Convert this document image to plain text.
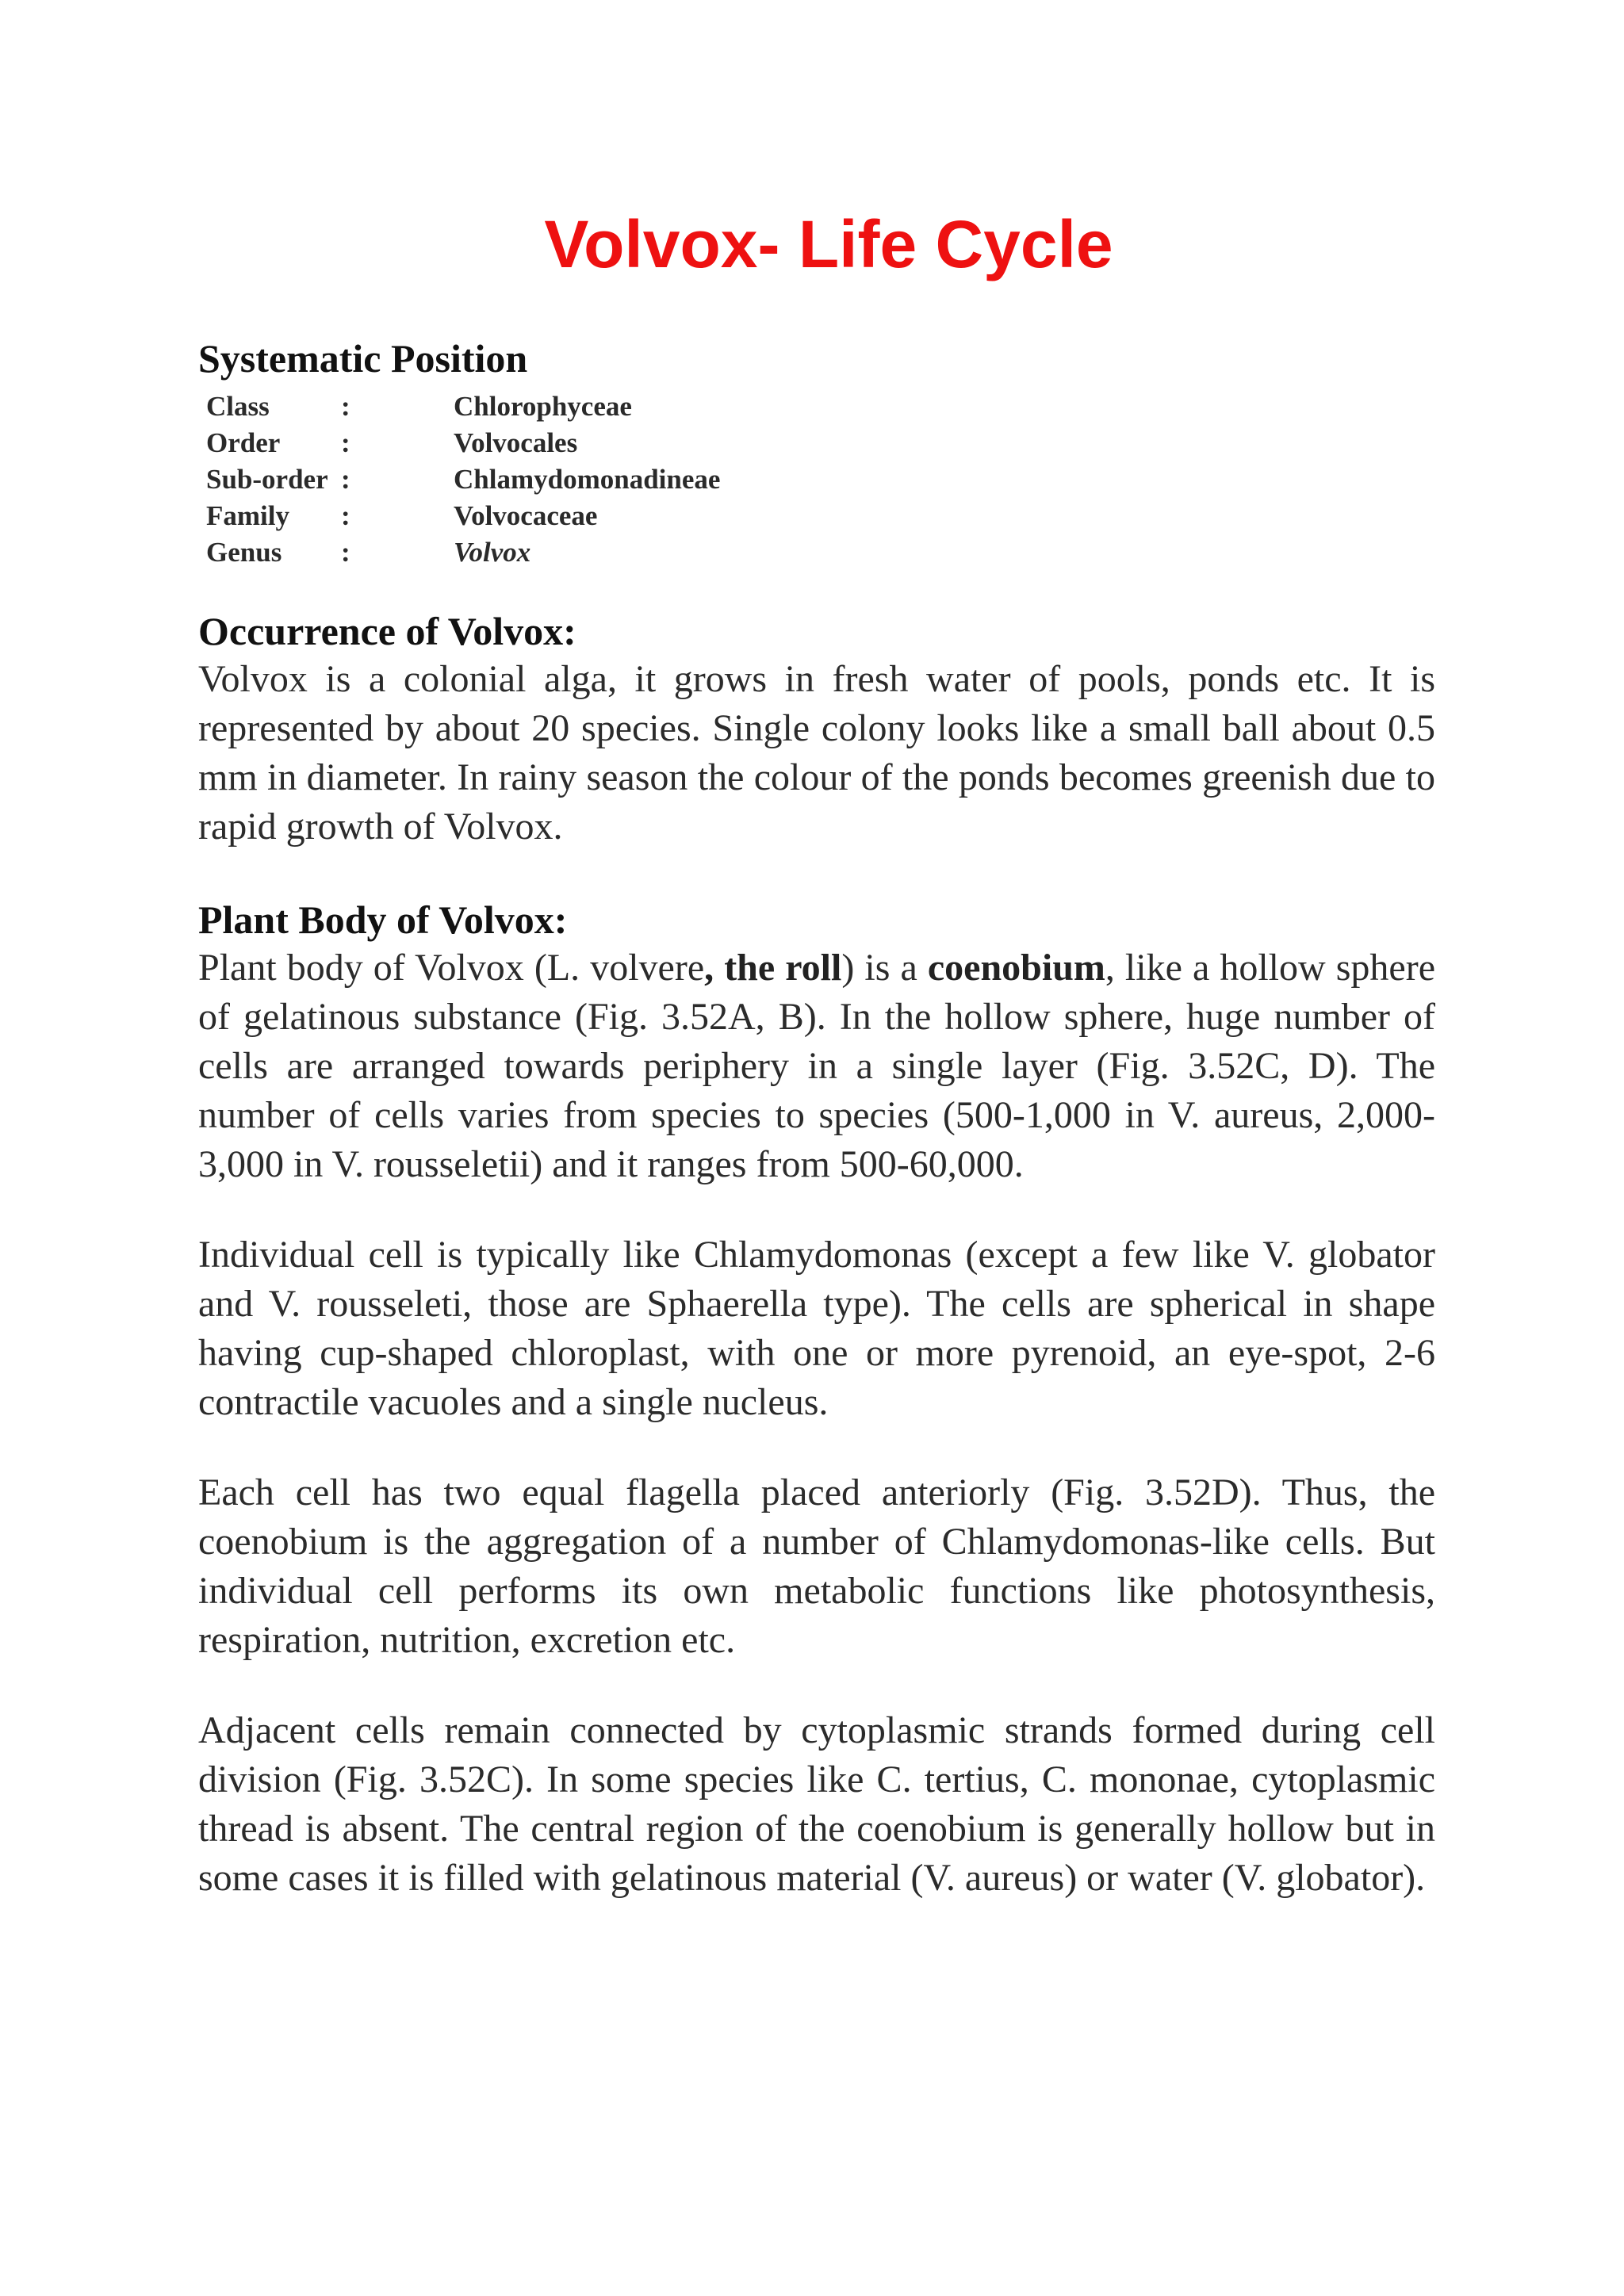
Volvox- Life Cycle
Systematic Position
Class	:	Chlorophyceae
Order	:	Volvocales
Sub-order :	Chlamydomonadineae
Family	:	Volvocaceae
Genus	:	Volvox
Occurrence of Volvox:

Volvox is a colonial alga, it grows in fresh water of pools, ponds etc. It is represented by about 20 species. Single colony looks like a small ball about 0.5 mm in diameter. In rainy season the colour of the ponds becomes greenish due to rapid growth of Volvox.

Plant Body of Volvox:

Plant body of Volvox (L. volvere, the roll) is a coenobium, like a hollow sphere of gelatinous substance (Fig. 3.52A, B). In the hollow sphere, huge number of cells are arranged towards periphery in a single layer (Fig. 3.52C, D). The number of cells varies from species to species (500-1,000 in V. aureus, 2,000-3,000 in V. rousseletii) and it ranges from 500-60,000.

Individual cell is typically like Chlamydomonas (except a few like V. globator and V. rousseleti, those are Sphaerella type). The cells are spherical in shape having cup-shaped chloroplast, with one or more pyrenoid, an eye-spot, 2-6 contractile vacuoles and a single nucleus.

Each cell has two equal flagella placed anteriorly (Fig. 3.52D). Thus, the coenobium is the aggregation of a number of Chlamydomonas-like cells. But individual cell performs its own metabolic functions like photosynthesis, respiration, nutrition, excretion etc.

Adjacent cells remain connected by cytoplasmic strands formed during cell division (Fig. 3.52C). In some species like C. tertius, C. mononae, cytoplasmic thread is absent. The central region of the coenobium is generally hollow but in some cases it is filled with gelatinous material (V. aureus) or water (V. globator).
